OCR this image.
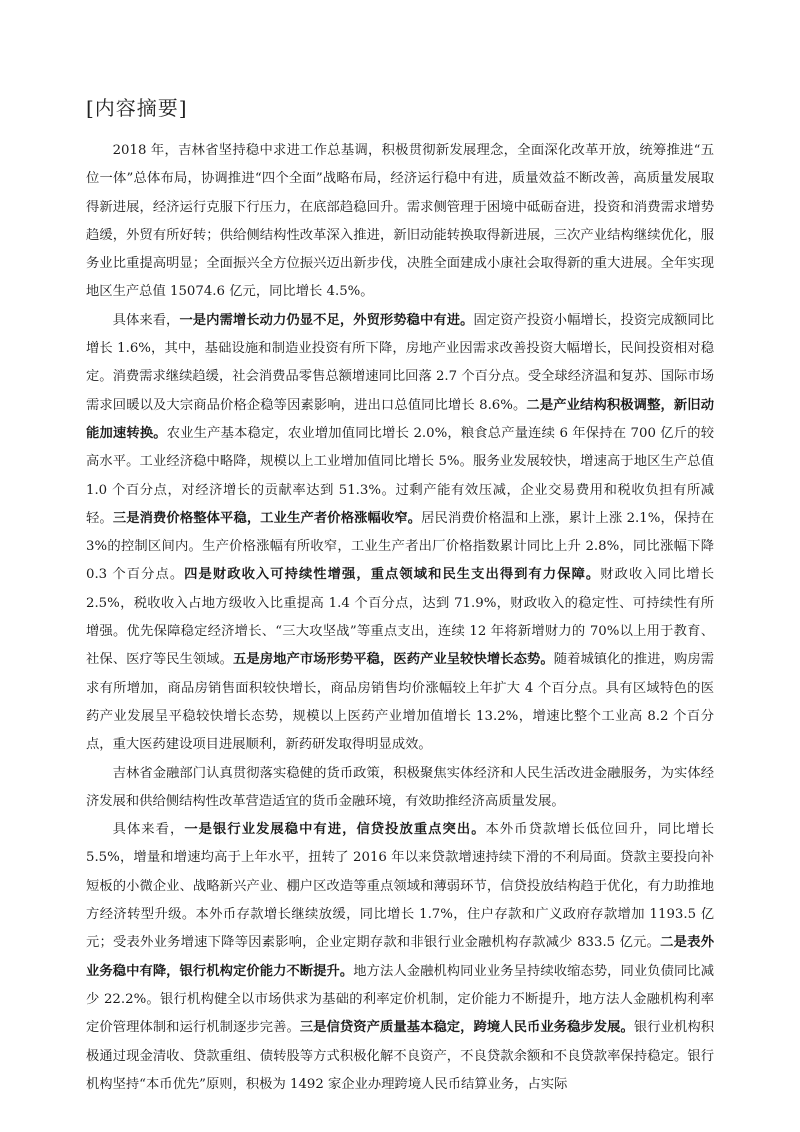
[内容摘要]

2018 年，吉林省坚持稳中求进工作总基调，积极贯彻新发展理念，全面深化改革开放，统筹推进“五位一体”总体布局，协调推进“四个全面”战略布局，经济运行稳中有进，质量效益不断改善，高质量发展取得新进展，经济运行克服下行压力，在底部趋稳回升。需求侧管理于困境中砥砺奋进，投资和消费需求增势趋缓，外贸有所好转；供给侧结构性改革深入推进，新旧动能转换取得新进展，三次产业结构继续优化，服务业比重提高明显；全面振兴全方位振兴迈出新步伐，决胜全面建成小康社会取得新的重大进展。全年实现地区生产总值 15074.6 亿元，同比增长 4.5%。

具体来看，一是内需增长动力仍显不足，外贸形势稳中有进。固定资产投资小幅增长，投资完成额同比增长 1.6%，其中，基础设施和制造业投资有所下降，房地产业因需求改善投资大幅增长，民间投资相对稳定。消费需求继续趋缓，社会消费品零售总额增速同比回落 2.7 个百分点。受全球经济温和复苏、国际市场需求回暖以及大宗商品价格企稳等因素影响，进出口总值同比增长 8.6%。二是产业结构积极调整，新旧动能加速转换。农业生产基本稳定，农业增加值同比增长 2.0%，粮食总产量连续 6 年保持在 700 亿斤的较高水平。工业经济稳中略降，规模以上工业增加值同比增长 5%。服务业发展较快，增速高于地区生产总值 1.0 个百分点，对经济增长的贡献率达到 51.3%。过剩产能有效压减，企业交易费用和税收负担有所减轻。三是消费价格整体平稳，工业生产者价格涨幅收窄。居民消费价格温和上涨，累计上涨 2.1%，保持在 3%的控制区间内。生产价格涨幅有所收窄，工业生产者出厂价格指数累计同比上升 2.8%，同比涨幅下降 0.3 个百分点。四是财政收入可持续性增强，重点领域和民生支出得到有力保障。财政收入同比增长 2.5%，税收收入占地方级收入比重提高 1.4 个百分点，达到 71.9%，财政收入的稳定性、可持续性有所增强。优先保障稳定经济增长、“三大攻坚战”等重点支出，连续 12 年将新增财力的 70%以上用于教育、社保、医疗等民生领域。五是房地产市场形势平稳，医药产业呈较快增长态势。随着城镇化的推进，购房需求有所增加，商品房销售面积较快增长，商品房销售均价涨幅较上年扩大 4 个百分点。具有区域特色的医药产业发展呈平稳较快增长态势，规模以上医药产业增加值增长 13.2%，增速比整个工业高 8.2 个百分点，重大医药建设项目进展顺利，新药研发取得明显成效。

吉林省金融部门认真贯彻落实稳健的货币政策，积极聚焦实体经济和人民生活改进金融服务，为实体经济发展和供给侧结构性改革营造适宜的货币金融环境，有效助推经济高质量发展。

具体来看，一是银行业发展稳中有进，信贷投放重点突出。本外币贷款增长低位回升，同比增长 5.5%，增量和增速均高于上年水平，扭转了 2016 年以来贷款增速持续下滑的不利局面。贷款主要投向补短板的小微企业、战略新兴产业、棚户区改造等重点领域和薄弱环节，信贷投放结构趋于优化，有力助推地方经济转型升级。本外币存款增长继续放缓，同比增长 1.7%，住户存款和广义政府存款增加 1193.5 亿元；受表外业务增速下降等因素影响，企业定期存款和非银行业金融机构存款减少 833.5 亿元。二是表外业务稳中有降，银行机构定价能力不断提升。地方法人金融机构同业业务呈持续收缩态势，同业负债同比减少 22.2%。银行机构健全以市场供求为基础的利率定价机制，定价能力不断提升，地方法人金融机构利率定价管理体制和运行机制逐步完善。三是信贷资产质量基本稳定，跨境人民币业务稳步发展。银行业机构积极通过现金清收、贷款重组、债转股等方式积极化解不良资产，不良贷款余额和不良贷款率保持稳定。银行机构坚持“本币优先”原则，积极为 1492 家企业办理跨境人民币结算业务，占实际
